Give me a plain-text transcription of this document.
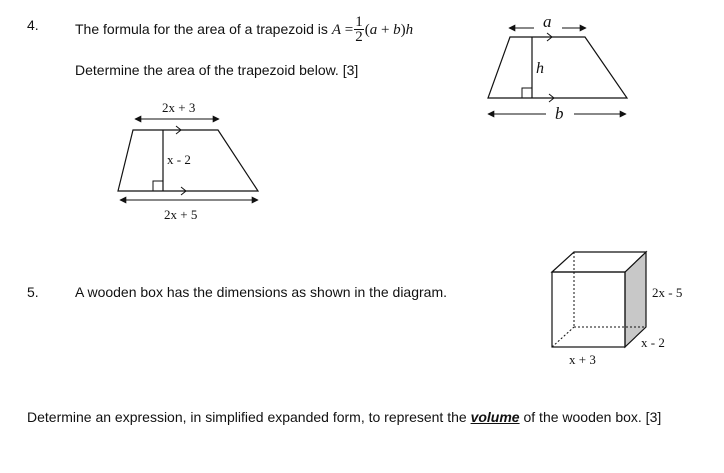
4.	The formula for the area of a trapezoid is $A = \frac{1}{2} (a + b)h$
Determine the area of the trapezoid below. [3]
a
h
b
2x + 3
x - 2
2x + 5
5.	A wooden box has the dimensions as shown in the diagram.	2x - 5
x - 2
x + 3
Determine an expression, in simplified expanded form, to represent the volume of the wooden box. [3]
